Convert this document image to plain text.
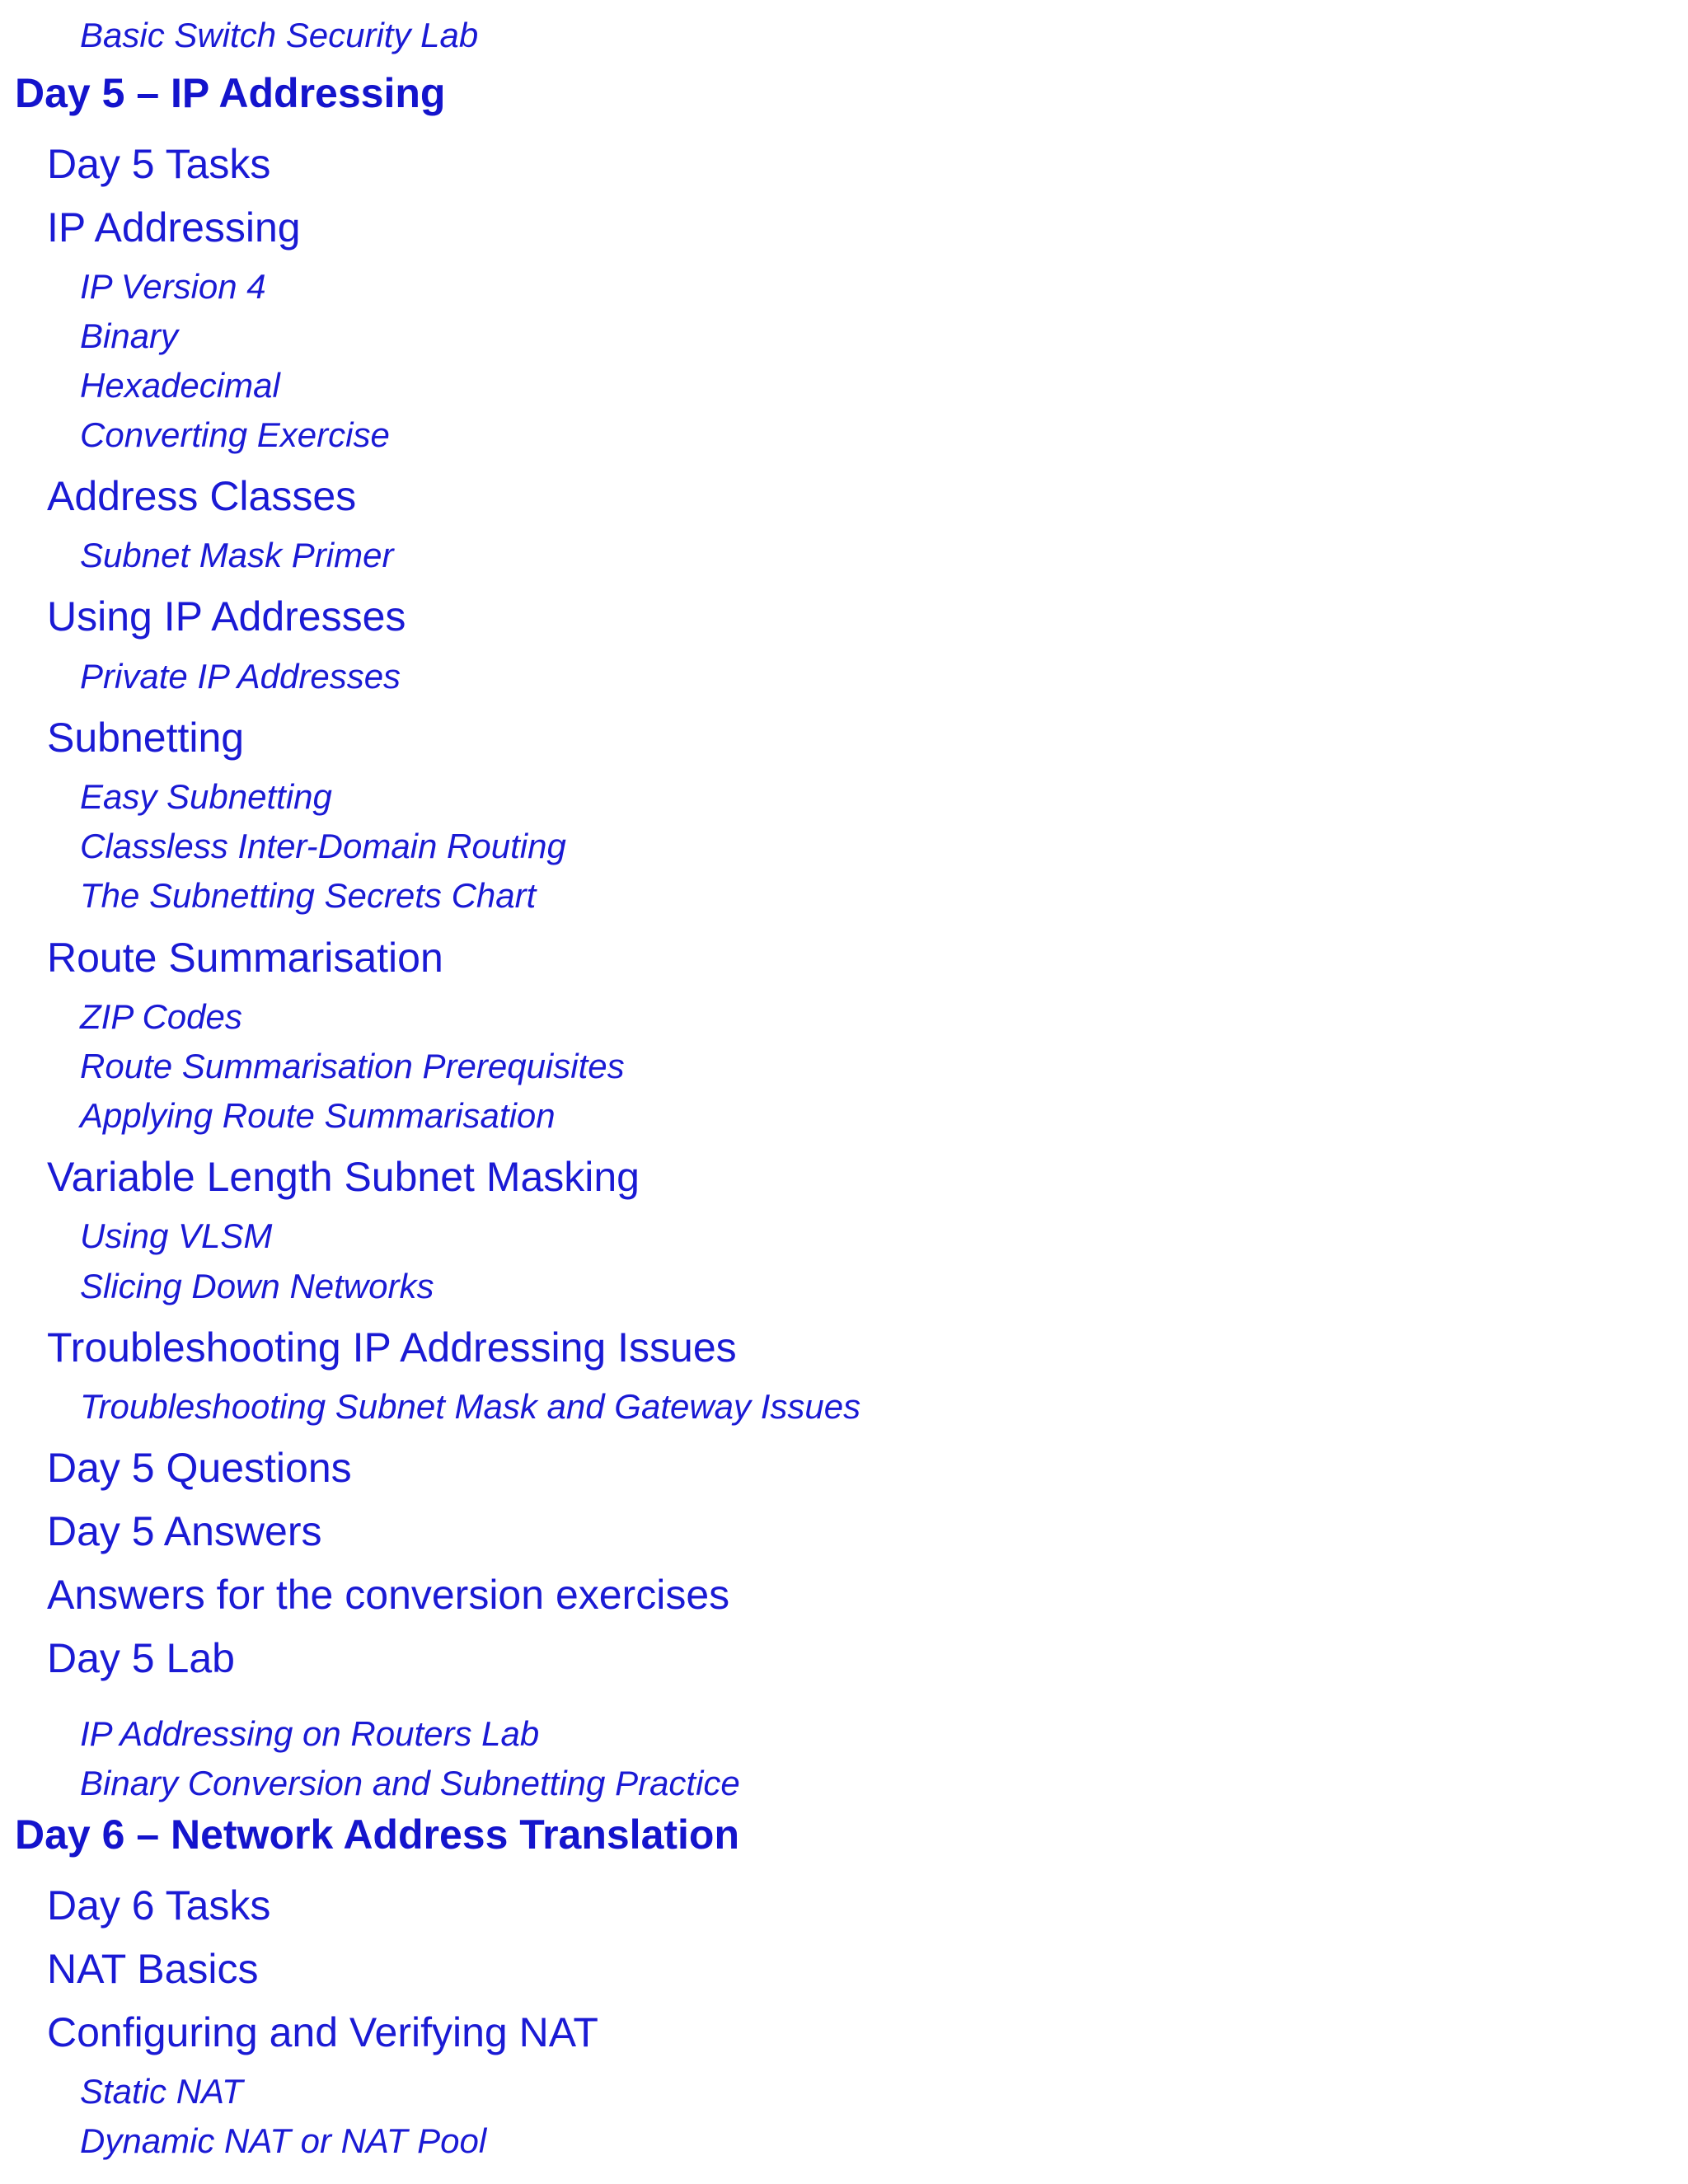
Basic Switch Security Lab
Day 5 – IP Addressing
Day 5 Tasks
IP Addressing
IP Version 4
Binary
Hexadecimal
Converting Exercise
Address Classes
Subnet Mask Primer
Using IP Addresses
Private IP Addresses
Subnetting
Easy Subnetting
Classless Inter-Domain Routing
The Subnetting Secrets Chart
Route Summarisation
ZIP Codes
Route Summarisation Prerequisites
Applying Route Summarisation
Variable Length Subnet Masking
Using VLSM
Slicing Down Networks
Troubleshooting IP Addressing Issues
Troubleshooting Subnet Mask and Gateway Issues
Day 5 Questions
Day 5 Answers
Answers for the conversion exercises
Day 5 Lab
IP Addressing on Routers Lab
Binary Conversion and Subnetting Practice
Day 6 – Network Address Translation
Day 6 Tasks
NAT Basics
Configuring and Verifying NAT
Static NAT
Dynamic NAT or NAT Pool
